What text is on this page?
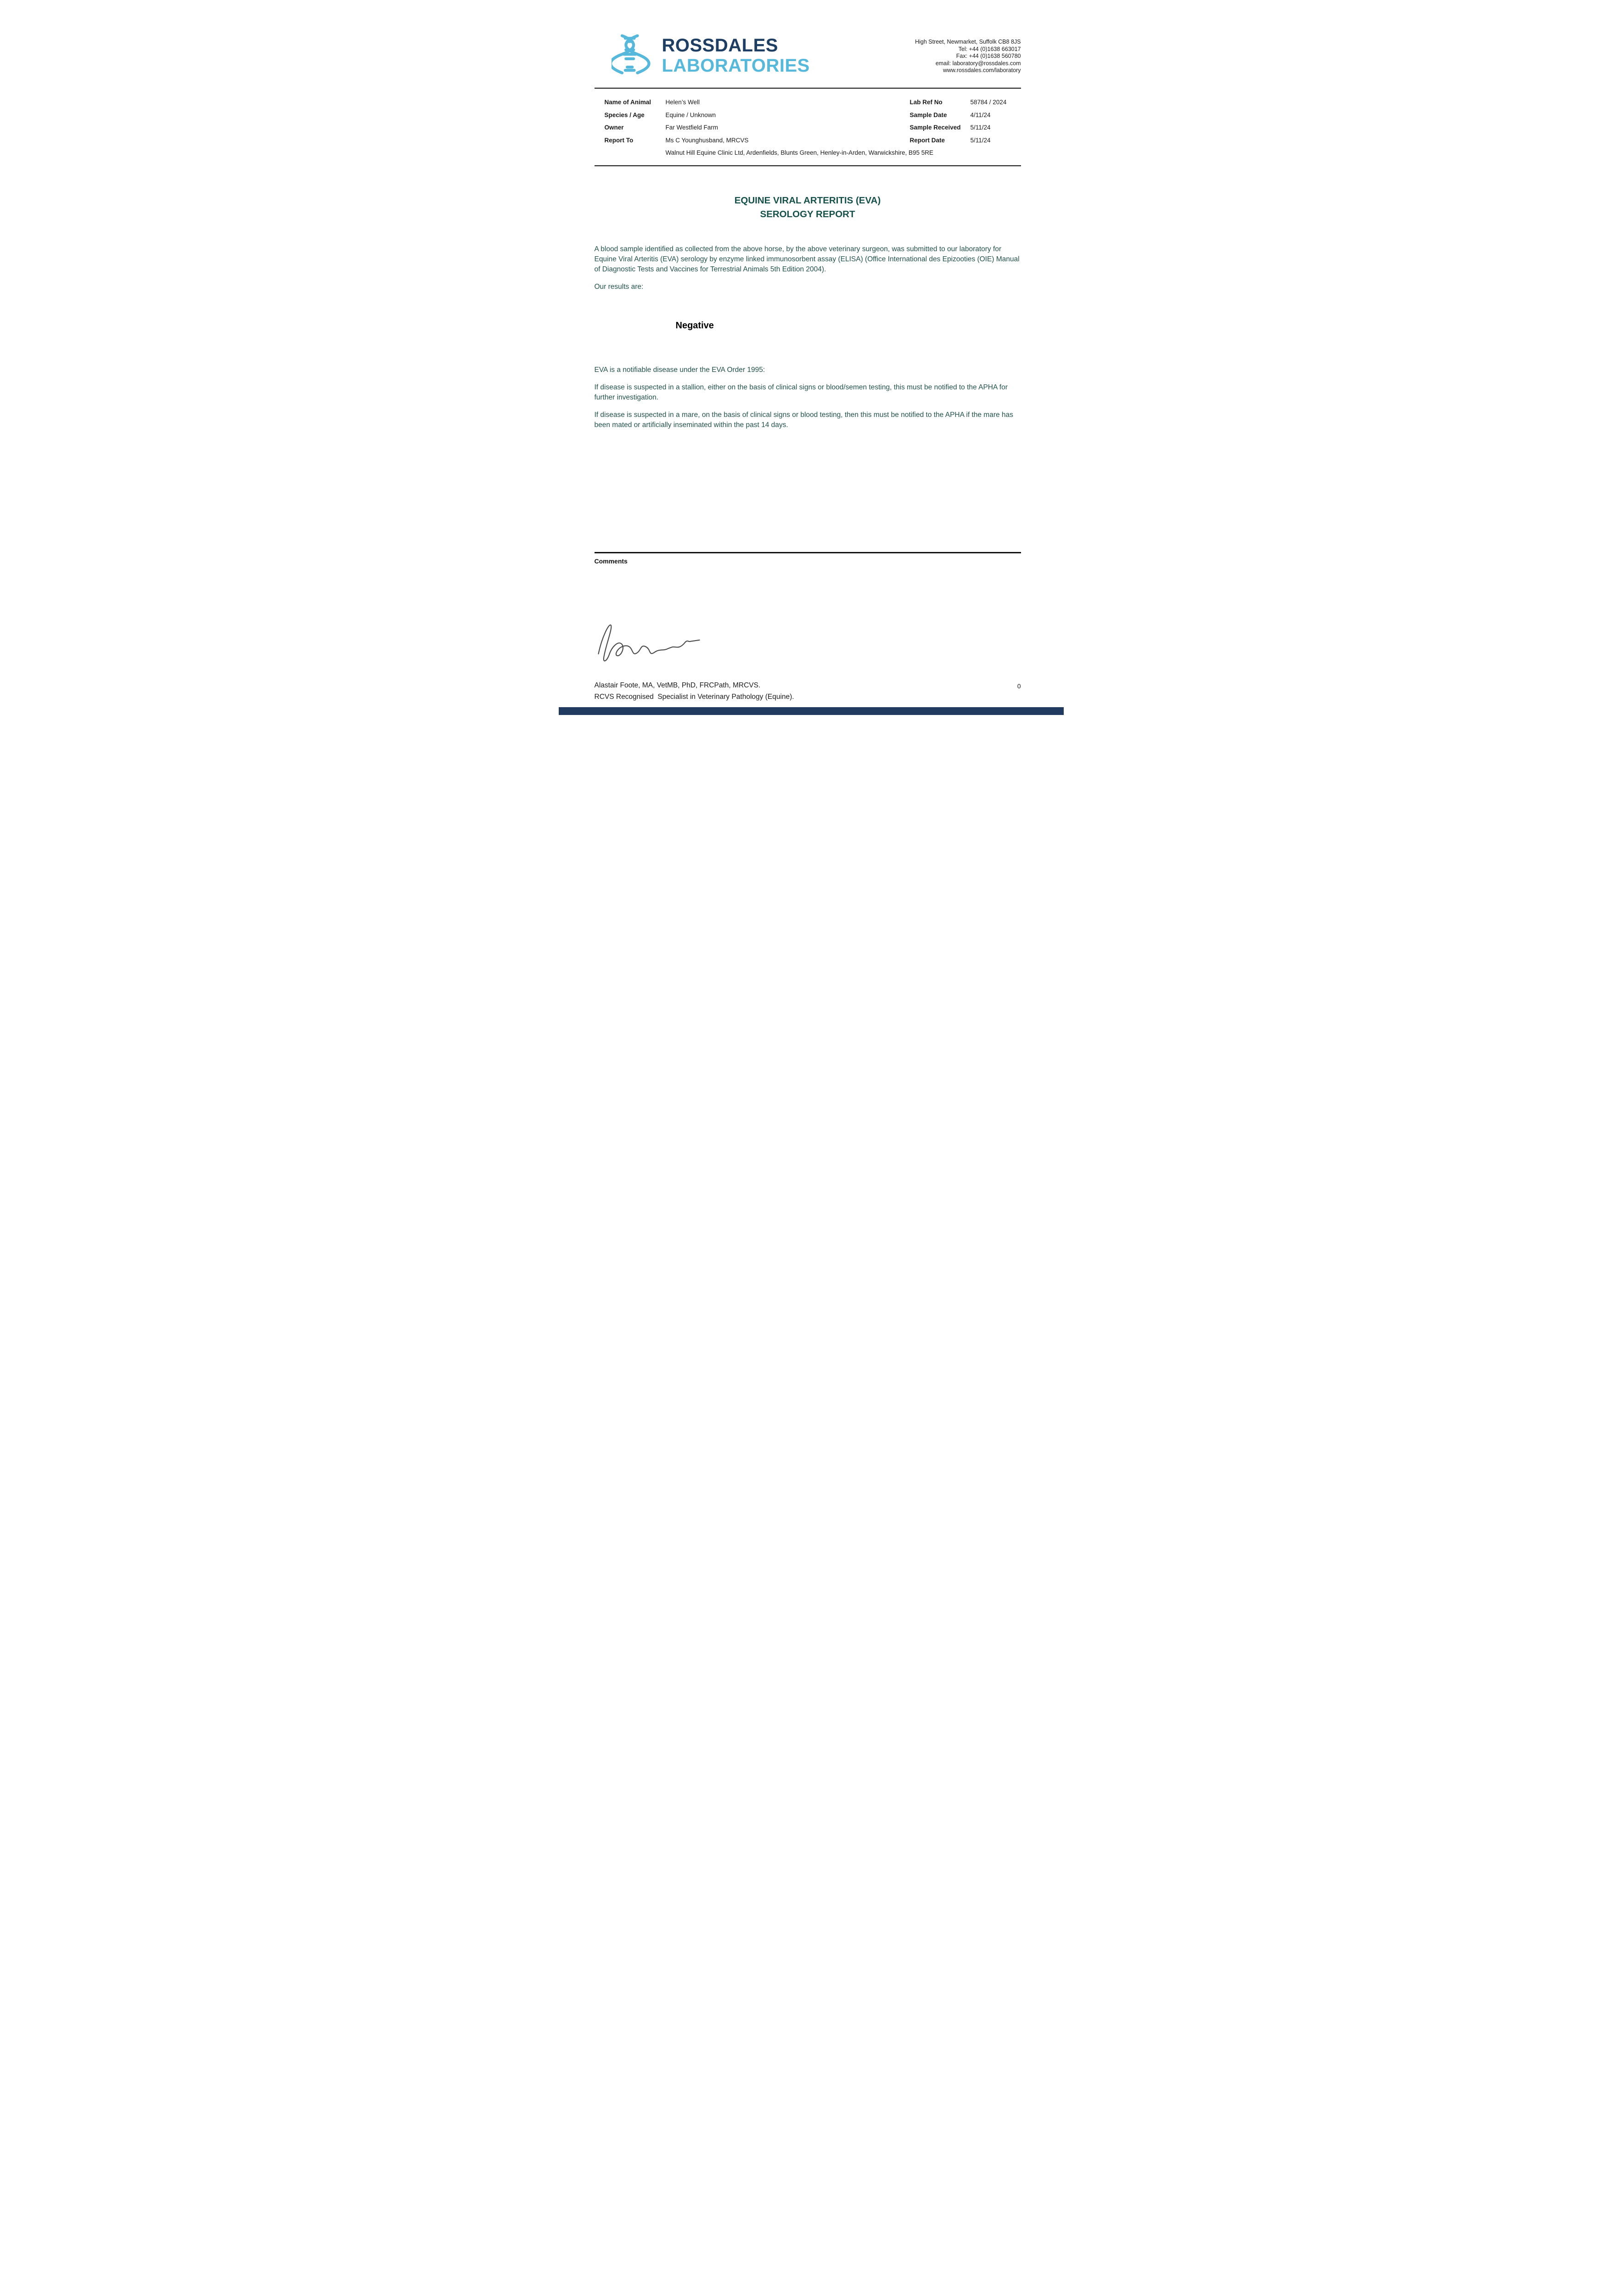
ROSSDALES
LABORATORIES
High Street, Newmarket, Suffolk CB8 8JS
Tel: +44 (0)1638 663017
Fax: +44 (0)1638 560780
email: laboratory@rossdales.com
www.rossdales.com/laboratory
Name of Animal	Helen’s Well	Lab Ref No	58784 / 2024
Species / Age	Equine / Unknown	Sample Date	4/11/24
Owner	Far Westfield Farm	Sample Received	5/11/24
Report To	Ms C Younghusband, MRCVS	Report Date	5/11/24
Walnut Hill Equine Clinic Ltd, Ardenfields, Blunts Green, Henley-in-Arden, Warwickshire, B95 5RE
EQUINE VIRAL ARTERITIS (EVA)
SEROLOGY REPORT

A blood sample identified as collected from the above horse, by the above veterinary surgeon, was submitted to our laboratory for Equine Viral Arteritis (EVA) serology by enzyme linked immunosorbent assay (ELISA) (Office International des Epizooties (OIE) Manual of Diagnostic Tests and Vaccines for Terrestrial Animals 5th Edition 2004).

Our results are:

Negative

EVA is a notifiable disease under the EVA Order 1995:

If disease is suspected in a stallion, either on the basis of clinical signs or blood/semen testing, this must be notified to the APHA for further investigation.

If disease is suspected in a mare, on the basis of clinical signs or blood testing, then this must be notified to the APHA if the mare has been mated or artificially inseminated within the past 14 days.

Comments
Alastair Foote, MA, VetMB, PhD, FRCPath, MRCVS.
RCVS Recognised  Specialist in Veterinary Pathology (Equine).
0
